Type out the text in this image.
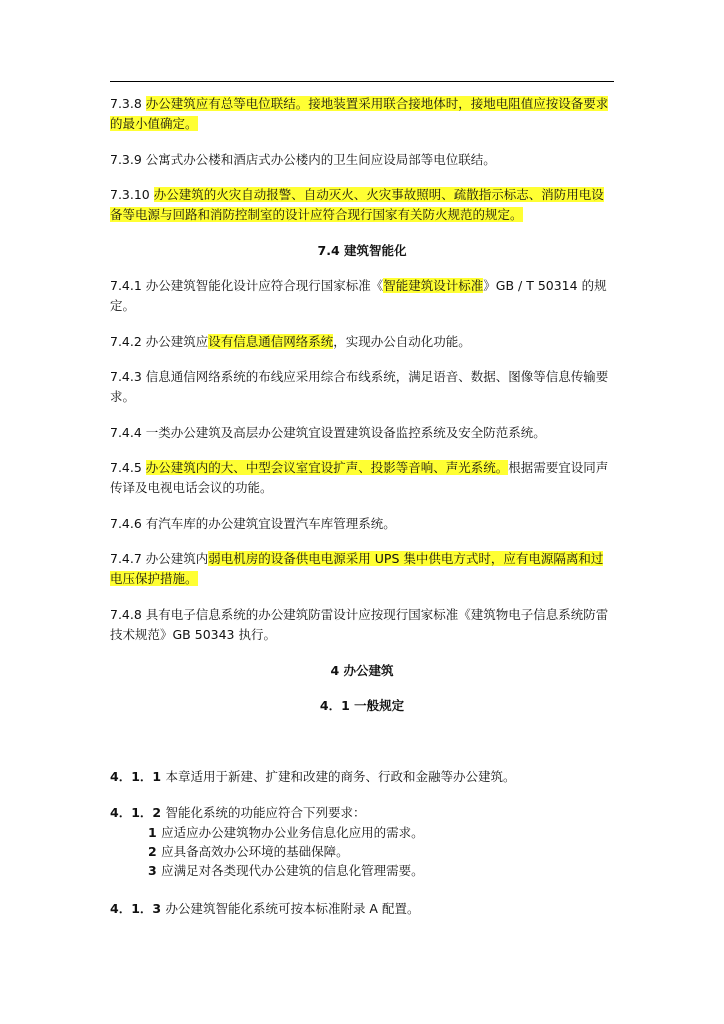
7.3.8 办公建筑应有总等电位联结。接地装置采用联合接地体时，接地电阻值应按设备要求的最小值确定。

7.3.9 公寓式办公楼和酒店式办公楼内的卫生间应设局部等电位联结。

7.3.10 办公建筑的火灾自动报警、自动灭火、火灾事故照明、疏散指示标志、消防用电设备等电源与回路和消防控制室的设计应符合现行国家有关防火规范的规定。

7.4 建筑智能化

7.4.1 办公建筑智能化设计应符合现行国家标准《智能建筑设计标准》GB / T 50314 的规定。

7.4.2 办公建筑应设有信息通信网络系统，实现办公自动化功能。

7.4.3 信息通信网络系统的布线应采用综合布线系统，满足语音、数据、图像等信息传输要求。

7.4.4 一类办公建筑及高层办公建筑宜设置建筑设备监控系统及安全防范系统。

7.4.5 办公建筑内的大、中型会议室宜设扩声、投影等音响、声光系统。根据需要宜设同声传译及电视电话会议的功能。

7.4.6 有汽车库的办公建筑宜设置汽车库管理系统。

7.4.7 办公建筑内弱电机房的设备供电电源采用 UPS 集中供电方式时，应有电源隔离和过电压保护措施。

7.4.8 具有电子信息系统的办公建筑防雷设计应按现行国家标准《建筑物电子信息系统防雷技术规范》GB 50343 执行。

4 办公建筑
4．1 一般规定

4．1．1 本章适用于新建、扩建和改建的商务、行政和金融等办公建筑。

4．1．2 智能化系统的功能应符合下列要求：

1 应适应办公建筑物办公业务信息化应用的需求。
2 应具备高效办公环境的基础保障。
3 应满足对各类现代办公建筑的信息化管理需要。

4．1．3 办公建筑智能化系统可按本标准附录 A 配置。
